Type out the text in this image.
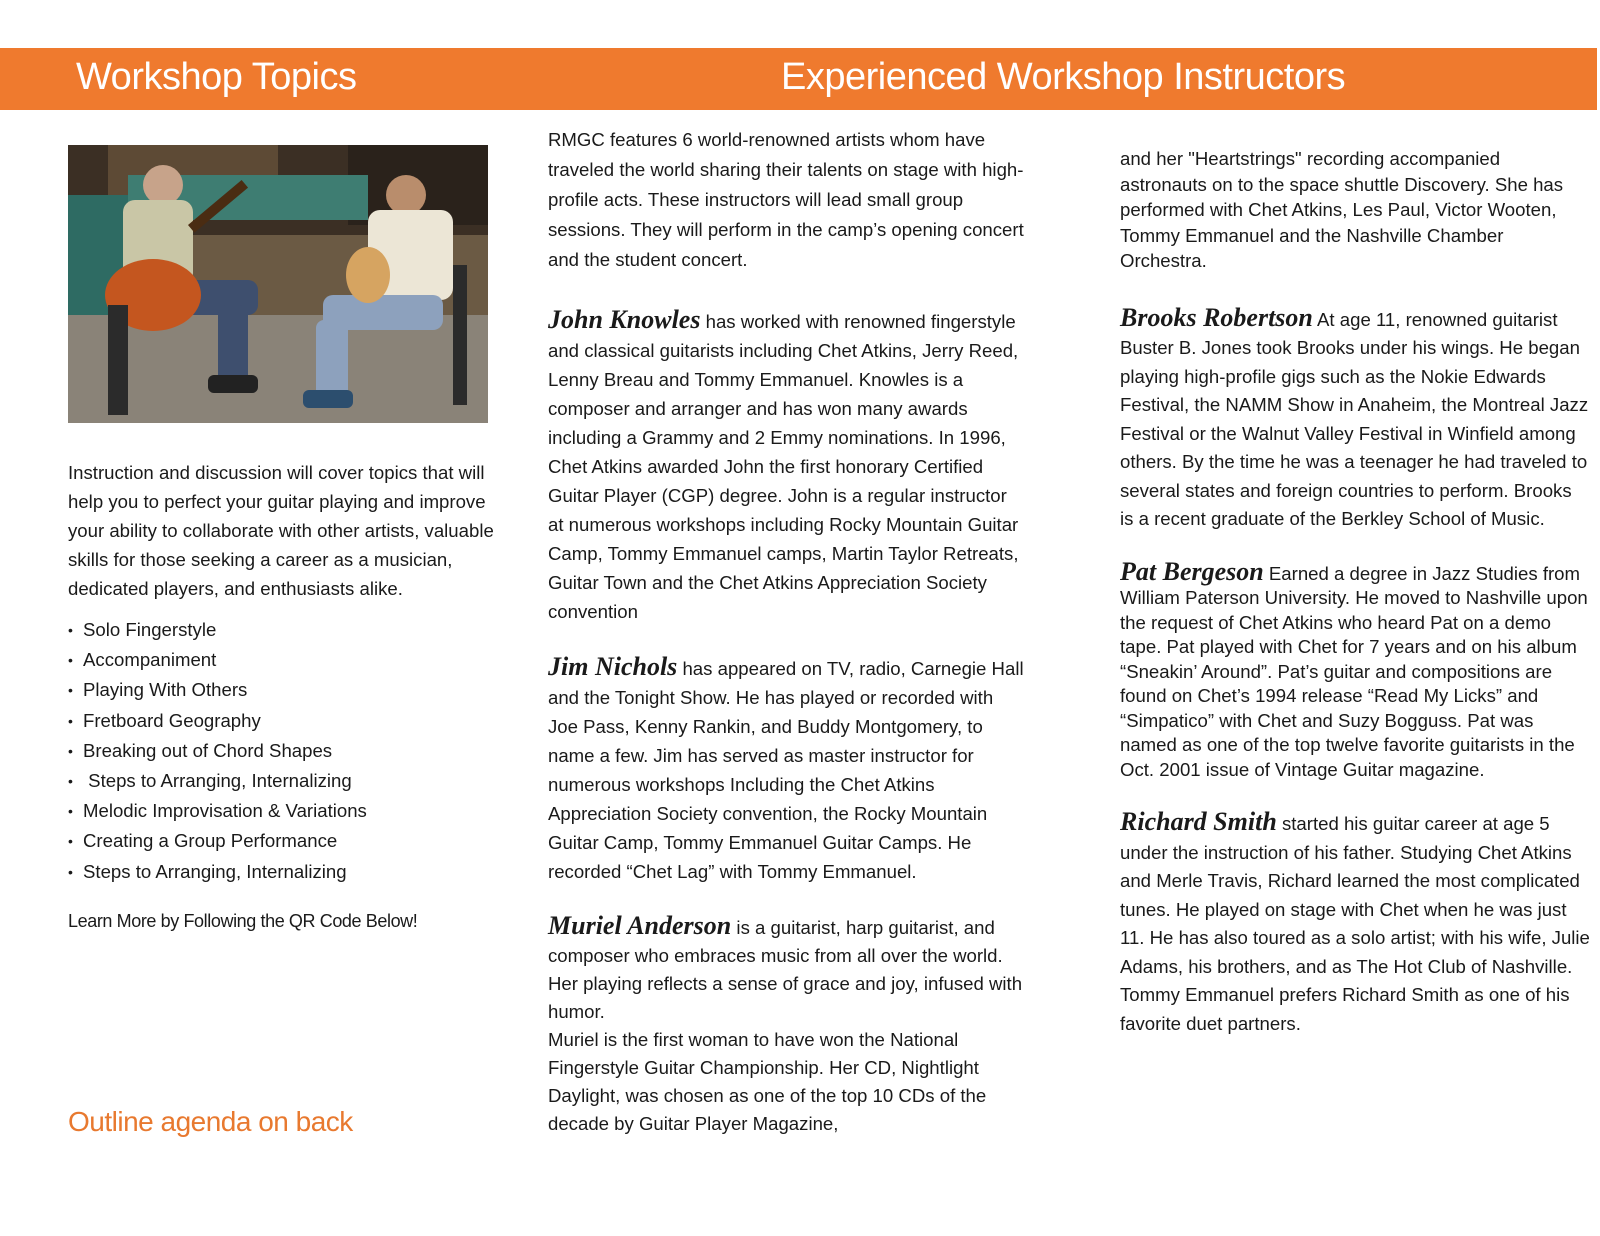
Workshop Topics	Experienced Workshop Instructors

Instruction and discussion will cover topics that will help you to perfect your guitar playing and improve your ability to collaborate with other artists, valuable skills for those seeking a career as a musician, dedicated players, and enthusiasts alike.

• Solo Fingerstyle
• Accompaniment
• Playing With Others
• Fretboard Geography
• Breaking out of Chord Shapes
•  Steps to Arranging, Internalizing
• Melodic Improvisation & Variations
• Creating a Group Performance
• Steps to Arranging, Internalizing

Learn More by Following the QR Code Below!

Outline agenda on back

RMGC features 6 world-renowned artists whom have traveled the world sharing their talents on stage with high-profile acts. These instructors will lead small group sessions. They will perform in the camp’s opening concert and the student concert.

John Knowles has worked with renowned fingerstyle and classical guitarists including Chet Atkins, Jerry Reed, Lenny Breau and Tommy Emmanuel. Knowles is a composer and arranger and has won many awards including a Grammy and 2 Emmy nominations. In 1996, Chet Atkins awarded John the first honorary Certified Guitar Player (CGP) degree. John is a regular instructor at numerous workshops including Rocky Mountain Guitar Camp, Tommy Emmanuel camps, Martin Taylor Retreats, Guitar Town and the Chet Atkins Appreciation Society convention

Jim Nichols has appeared on TV, radio, Carnegie Hall and the Tonight Show. He has played or recorded with Joe Pass, Kenny Rankin, and Buddy Montgomery, to name a few. Jim has served as master instructor for numerous workshops Including the Chet Atkins Appreciation Society convention, the Rocky Mountain Guitar Camp, Tommy Emmanuel Guitar Camps. He recorded “Chet Lag” with Tommy Emmanuel.

Muriel Anderson is a guitarist, harp guitarist, and composer who embraces music from all over the world. Her playing reflects a sense of grace and joy, infused with humor.
Muriel is the first woman to have won the National Fingerstyle Guitar Championship. Her CD, Nightlight Daylight, was chosen as one of the top 10 CDs of the decade by Guitar Player Magazine,

and her "Heartstrings" recording accompanied astronauts on to the space shuttle Discovery. She has performed with Chet Atkins, Les Paul, Victor Wooten, Tommy Emmanuel and the Nashville Chamber Orchestra.

Brooks Robertson At age 11, renowned guitarist Buster B. Jones took Brooks under his wings. He began playing high-profile gigs such as the Nokie Edwards Festival, the NAMM Show in Anaheim, the Montreal Jazz Festival or the Walnut Valley Festival in Winfield among others. By the time he was a teenager he had traveled to several states and foreign countries to perform. Brooks is a recent graduate of the Berkley School of Music.

Pat Bergeson Earned a degree in Jazz Studies from William Paterson University. He moved to Nashville upon the request of Chet Atkins who heard Pat on a demo tape. Pat played with Chet for 7 years and on his album “Sneakin’ Around”. Pat’s guitar and compositions are found on Chet’s 1994 release “Read My Licks” and “Simpatico” with Chet and Suzy Bogguss. Pat was named as one of the top twelve favorite guitarists in the Oct. 2001 issue of Vintage Guitar magazine.

Richard Smith started his guitar career at age 5 under the instruction of his father. Studying Chet Atkins and Merle Travis, Richard learned the most complicated tunes. He played on stage with Chet when he was just 11. He has also toured as a solo artist; with his wife, Julie Adams, his brothers, and as The Hot Club of Nashville. Tommy Emmanuel prefers Richard Smith as one of his favorite duet partners.
